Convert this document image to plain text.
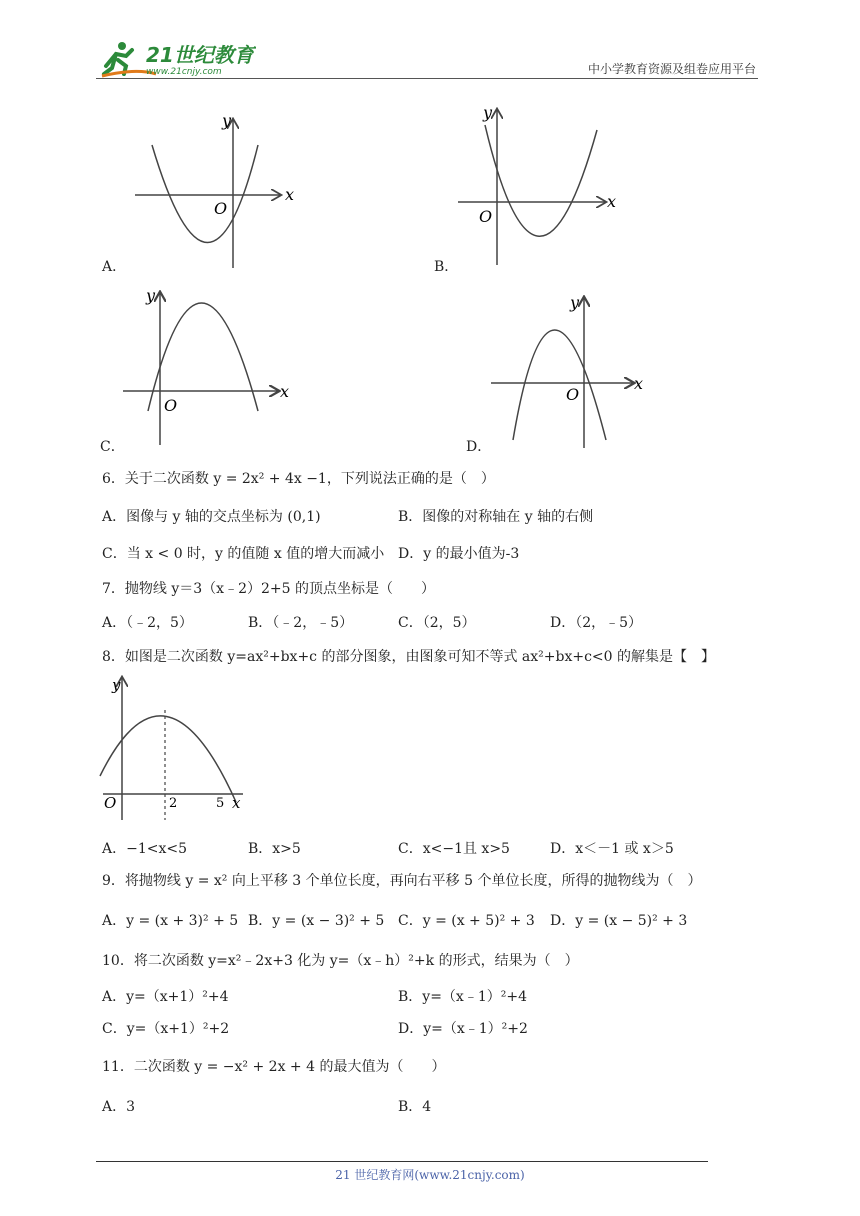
21世纪教育
www.21cnjy.com	中小学教育资源及组卷应用平台
x
y
O
A．
x
y
O
B．
x
y
O
C．
x
y
O
D．
6．关于二次函数 y = 2x² + 4x −1，下列说法正确的是（　）
A．图像与 y 轴的交点坐标为 (0,1)	B．图像的对称轴在 y 轴的右侧
C．当 x < 0 时，y 的值随 x 值的增大而减小 D．y 的最小值为-3
7．抛物线 y＝3（x﹣2）2+5 的顶点坐标是（　　）
A．（﹣2，5）	B．（﹣2，﹣5）	C．（2，5）	D．（2，﹣5）
8．如图是二次函数 y=ax²+bx+c 的部分图象，由图象可知不等式 ax²+bx+c<0 的解集是【　】
y
x
O	2	5
A．−1<x<5	B．x>5	C．x<−1且 x>5	D．x＜－1 或 x＞5
9．将抛物线 y = x² 向上平移 3 个单位长度，再向右平移 5 个单位长度，所得的抛物线为（　）
A．y = (x + 3)² + 5 B．y = (x − 3)² + 5 C．y = (x + 5)² + 3 D．y = (x − 5)² + 3
10．将二次函数 y=x²﹣2x+3 化为 y=（x﹣h）²+k 的形式，结果为（　）
A．y=（x+1）²+4	B．y=（x﹣1）²+4
C．y=（x+1）²+2	D．y=（x﹣1）²+2
11．二次函数 y = −x² + 2x + 4 的最大值为（　　）
A．3	B．4
21 世纪教育网(www.21cnjy.com)
